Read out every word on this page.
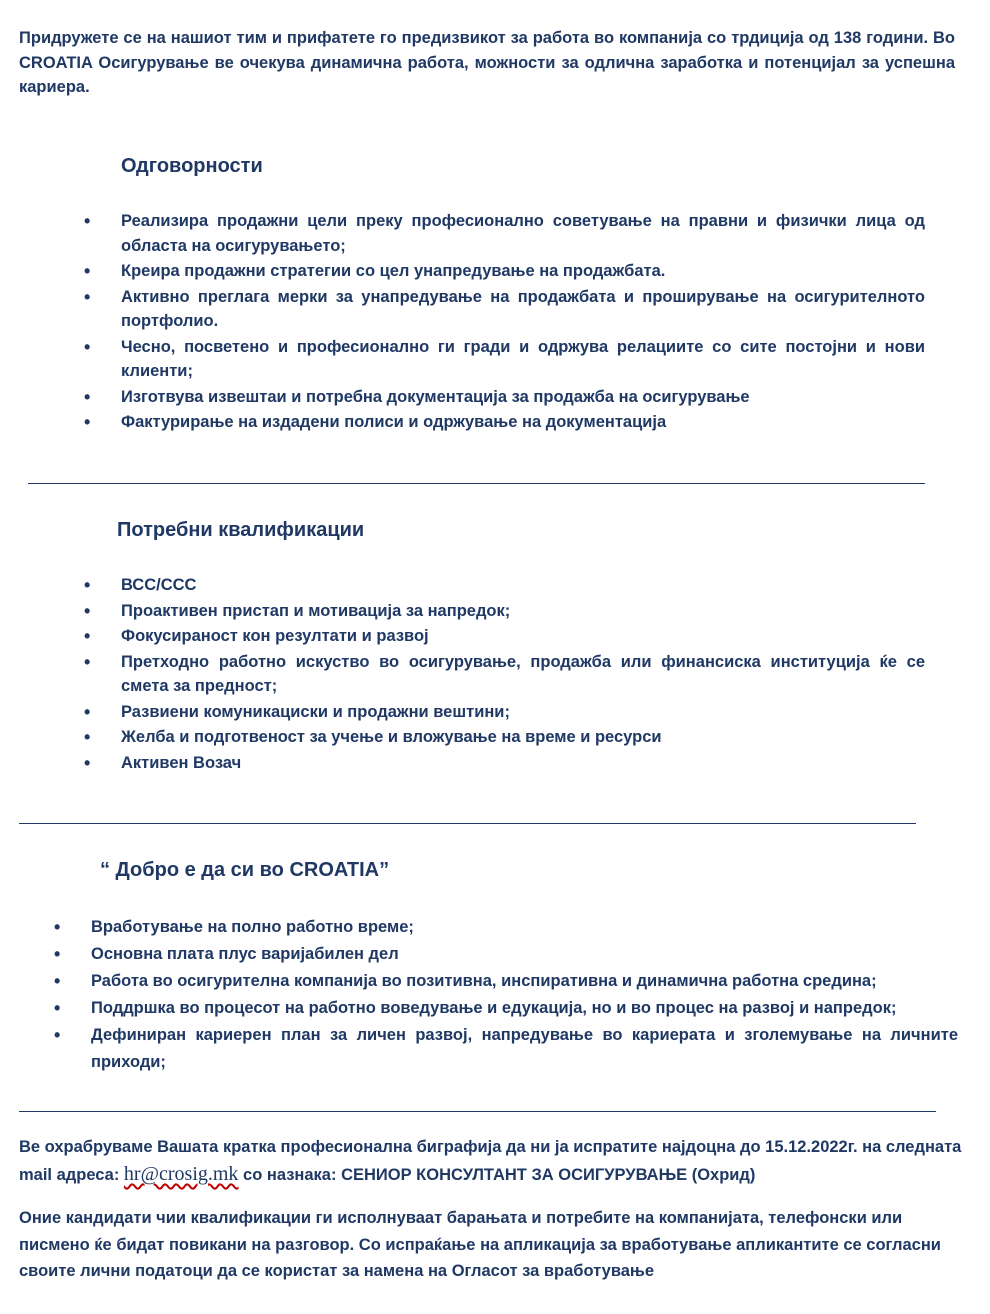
Придружете се на нашиот тим и прифатете го предизвикот за работа во компанија со трдиција од 138 години. Во CROATIA Осигурување ве очекува динамична работа, можности за одлична заработка и потенцијал за успешна кариера.

Одговорности
• Реализира продажни цели преку професионално советување на правни и физички лица од областа на осигурувањето;
• Креира продажни стратегии со цел унапредување на продажбата.
• Активно преглага мерки за унапредување на продажбата и проширување на осигурителното портфолио.
• Чесно, посветено и професионално ги гради и одржува релациите со сите постојни и нови клиенти;
• Изготвува извештаи и потребна документација за продажба на осигурување
• Фактурирање на издадени полиси и одржување на документација
Потребни квалификации
• ВСС/ССС
• Проактивен пристап и мотивација за напредок;
• Фокусираност кон резултати и развој
• Претходно работно искуство во осигурување, продажба или финансиска институција ќе се смета за предност;
• Развиени комуникациски и продажни вештини;
• Желба и подготвеност за учење и вложување на време и ресурси
• Активен Возач
“ Добро е да си во CROATIA”
• Вработување на полно работно време;
• Основна плата плус варијабилен дел
• Работа во осигурителна компанија во позитивна, инспиративна и динамична работна средина;
• Поддршка во процесот на работно воведување и едукација, но и во процес на развој и напредок;
• Дефиниран кариерен план за личен развој, напредување во кариерата и зголемување на личните приходи;

Ве охрабруваме Вашата кратка професионална биграфија да ни ја испратите најдоцна до 15.12.2022г. на следната mail адреса: hr@crosig.mk со назнака: СЕНИОР КОНСУЛТАНТ ЗА ОСИГУРУВАЊЕ (Охрид)

Оние кандидати чии квалификации ги исполнуваат барањата и потребите на компанијата, телефонски или писмено ќе бидат повикани на разговор. Со испраќање на апликација за вработување апликантите се согласни своите лични податоци да се користат за намена на Огласот за вработување
